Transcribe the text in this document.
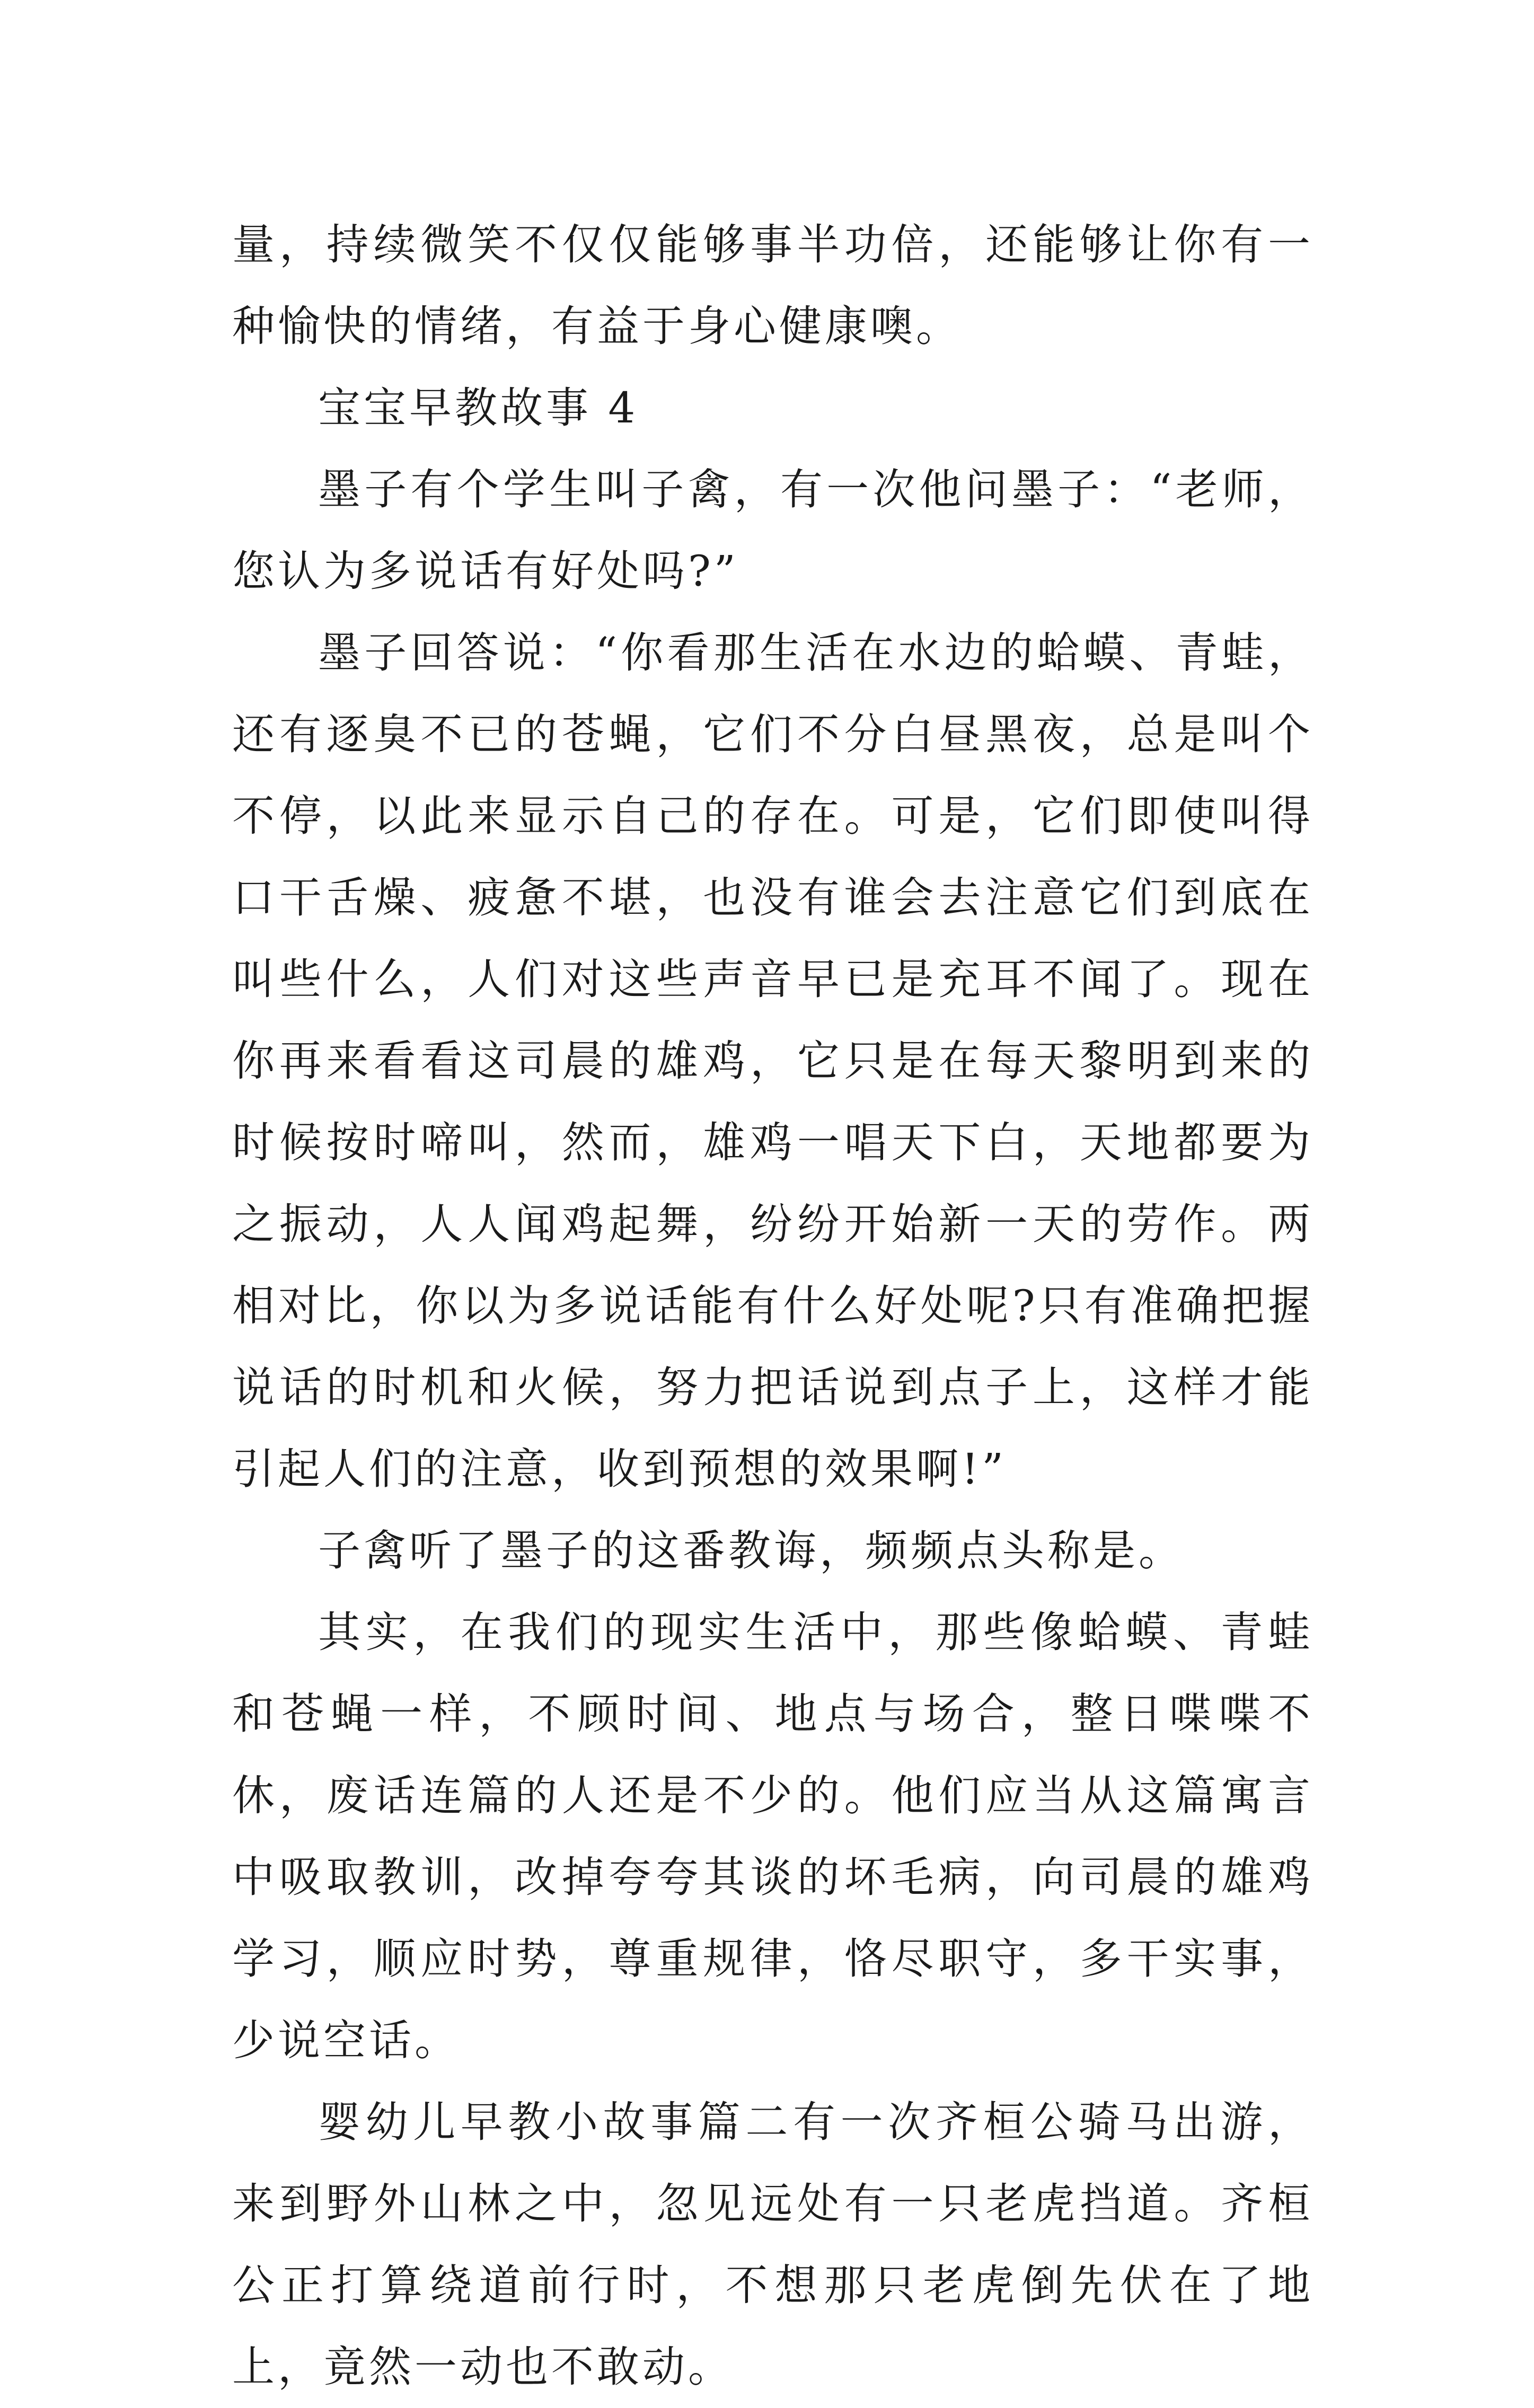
量，持续微笑不仅仅能够事半功倍，还能够让你有一种愉快的情绪，有益于身心健康噢。

宝宝早教故事 4

墨子有个学生叫子禽，有一次他问墨子：“老师，您认为多说话有好处吗?”

墨子回答说：“你看那生活在水边的蛤蟆、青蛙，还有逐臭不已的苍蝇，它们不分白昼黑夜，总是叫个不停，以此来显示自己的存在。可是，它们即使叫得口干舌燥、疲惫不堪，也没有谁会去注意它们到底在叫些什么，人们对这些声音早已是充耳不闻了。现在你再来看看这司晨的雄鸡，它只是在每天黎明到来的时候按时啼叫，然而，雄鸡一唱天下白，天地都要为之振动，人人闻鸡起舞，纷纷开始新一天的劳作。两相对比，你以为多说话能有什么好处呢?只有准确把握说话的时机和火候，努力把话说到点子上，这样才能引起人们的注意，收到预想的效果啊!”

子禽听了墨子的这番教诲，频频点头称是。

其实，在我们的现实生活中，那些像蛤蟆、青蛙和苍蝇一样，不顾时间、地点与场合，整日喋喋不休，废话连篇的人还是不少的。他们应当从这篇寓言中吸取教训，改掉夸夸其谈的坏毛病，向司晨的雄鸡学习，顺应时势，尊重规律，恪尽职守，多干实事，少说空话。

婴幼儿早教小故事篇二有一次齐桓公骑马出游，来到野外山林之中，忽见远处有一只老虎挡道。齐桓公正打算绕道前行时，不想那只老虎倒先伏在了地上，竟然一动也不敢动。
